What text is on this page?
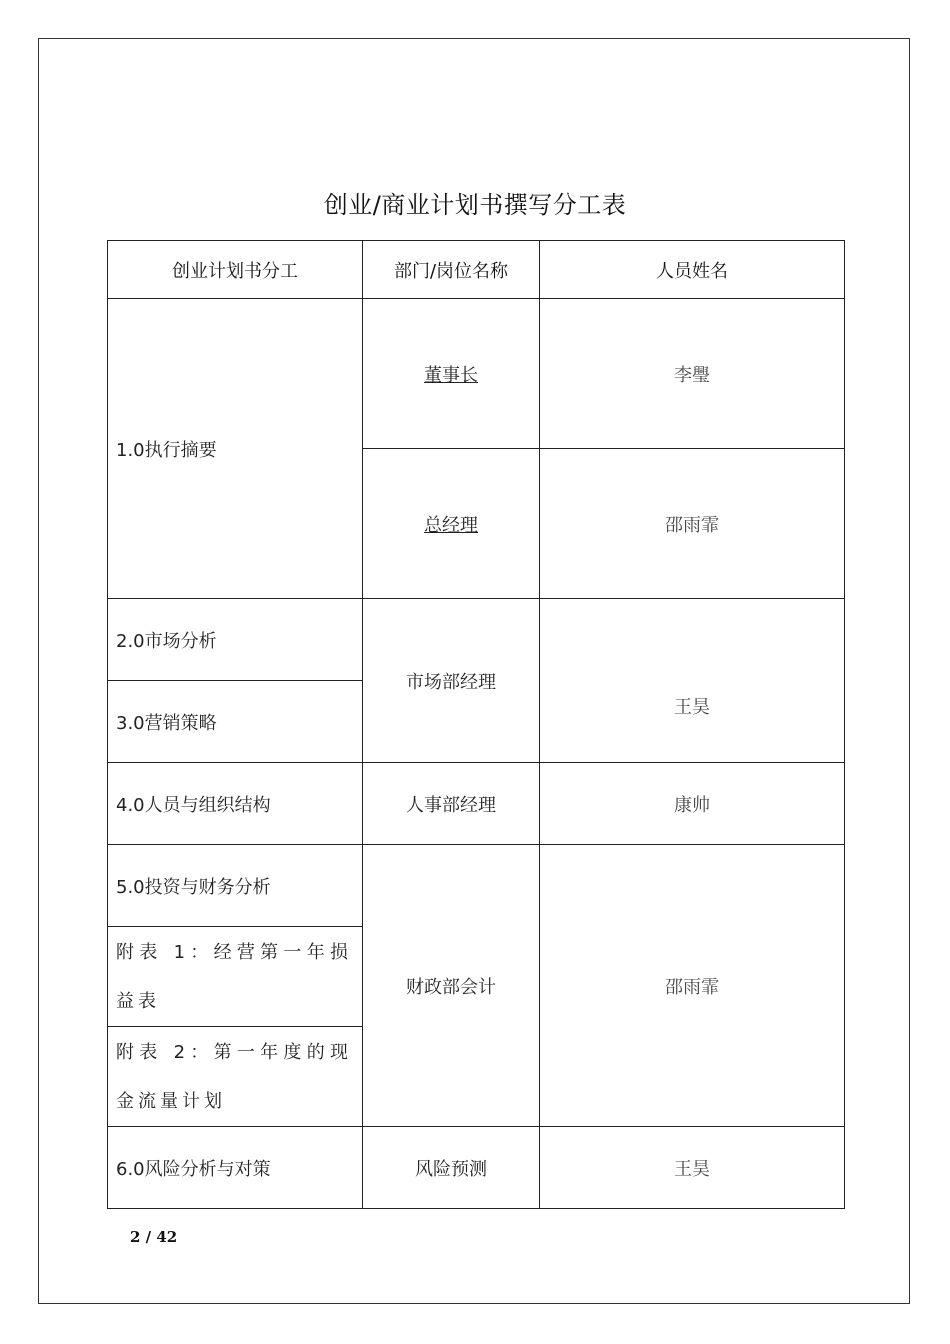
创业/商业计划书撰写分工表
创业计划书分工	部门/岗位名称	人员姓名
1.0执行摘要	董事长	李璺
	总经理	邵雨霏
2.0市场分析	市场部经理	王昊
3.0营销策略		
4.0人员与组织结构	人事部经理	康帅
5.0投资与财务分析	财政部会计	邵雨霏
附表 1：经营第一年损益表		
附表 2：第一年度的现金流量计划		
6.0风险分析与对策	风险预测	王昊
2 / 42
